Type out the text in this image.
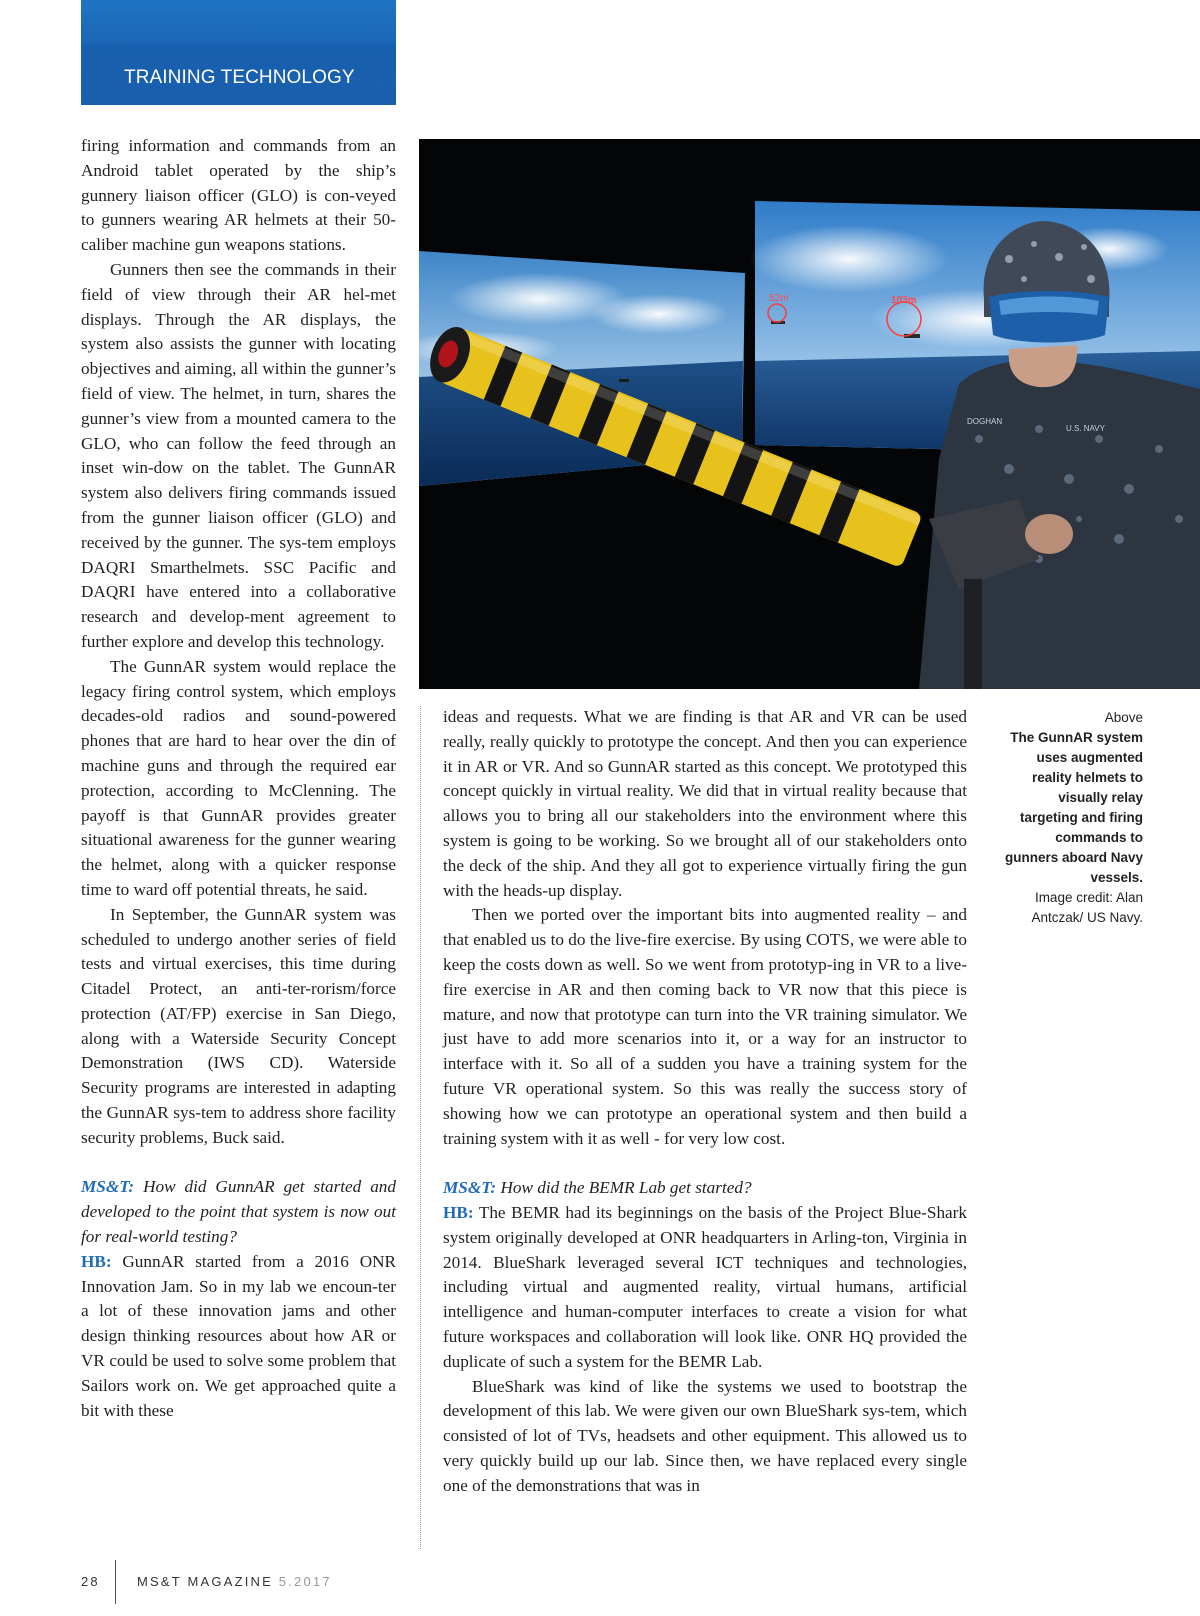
TRAINING TECHNOLOGY

firing information and commands from an Android tablet operated by the ship’s gunnery liaison officer (GLO) is con-veyed to gunners wearing AR helmets at their 50-caliber machine gun weapons stations.

Gunners then see the commands in their field of view through their AR hel-met displays. Through the AR displays, the system also assists the gunner with locating objectives and aiming, all within the gunner’s field of view. The helmet, in turn, shares the gunner’s view from a mounted camera to the GLO, who can follow the feed through an inset win-dow on the tablet. The GunnAR system also delivers firing commands issued from the gunner liaison officer (GLO) and received by the gunner. The sys-tem employs DAQRI Smarthelmets. SSC Pacific and DAQRI have entered into a collaborative research and develop-ment agreement to further explore and develop this technology.

The GunnAR system would replace the legacy firing control system, which employs decades-old radios and sound-powered phones that are hard to hear over the din of machine guns and through the required ear protection, according to McClenning. The payoff is that GunnAR provides greater situational awareness for the gunner wearing the helmet, along with a quicker response time to ward off potential threats, he said.

In September, the GunnAR system was scheduled to undergo another series of field tests and virtual exercises, this time during Citadel Protect, an anti-ter-rorism/force protection (AT/FP) exercise in San Diego, along with a Waterside Security Concept Demonstration (IWS CD). Waterside Security programs are interested in adapting the GunnAR sys-tem to address shore facility security problems, Buck said.

MS&T: How did GunnAR get started and developed to the point that system is now out for real-world testing?

HB: GunnAR started from a 2016 ONR Innovation Jam. So in my lab we encoun-ter a lot of these innovation jams and other design thinking resources about how AR or VR could be used to solve some problem that Sailors work on. We get approached quite a bit with these

52m	103m
DOGHAN
U.S. NAVY

ideas and requests. What we are finding is that AR and VR can be used really, really quickly to prototype the concept. And then you can experience it in AR or VR. And so GunnAR started as this concept. We prototyped this concept quickly in virtual reality. We did that in virtual reality because that allows you to bring all our stakeholders into the environment where this system is going to be working. So we brought all of our stakeholders onto the deck of the ship. And they all got to experience virtually firing the gun with the heads-up display.

Then we ported over the important bits into augmented reality – and that enabled us to do the live-fire exercise. By using COTS, we were able to keep the costs down as well. So we went from prototyp-ing in VR to a live-fire exercise in AR and then coming back to VR now that this piece is mature, and now that prototype can turn into the VR training simulator. We just have to add more scenarios into it, or a way for an instructor to interface with it. So all of a sudden you have a training system for the future VR operational system. So this was really the success story of showing how we can prototype an operational system and then build a training system with it as well - for very low cost.

MS&T: How did the BEMR Lab get started?

HB: The BEMR had its beginnings on the basis of the Project Blue-Shark system originally developed at ONR headquarters in Arling-ton, Virginia in 2014. BlueShark leveraged several ICT techniques and technologies, including virtual and augmented reality, virtual humans, artificial intelligence and human-computer interfaces to create a vision for what future workspaces and collaboration will look like. ONR HQ provided the duplicate of such a system for the BEMR Lab.

BlueShark was kind of like the systems we used to bootstrap the development of this lab. We were given our own BlueShark sys-tem, which consisted of lot of TVs, headsets and other equipment. This allowed us to very quickly build up our lab. Since then, we have replaced every single one of the demonstrations that was in

Above
The GunnAR system uses augmented reality helmets to visually relay targeting and firing commands to gunners aboard Navy vessels.
Image credit: Alan Antczak/ US Navy.
28	MS&T MAGAZINE 5.2017
